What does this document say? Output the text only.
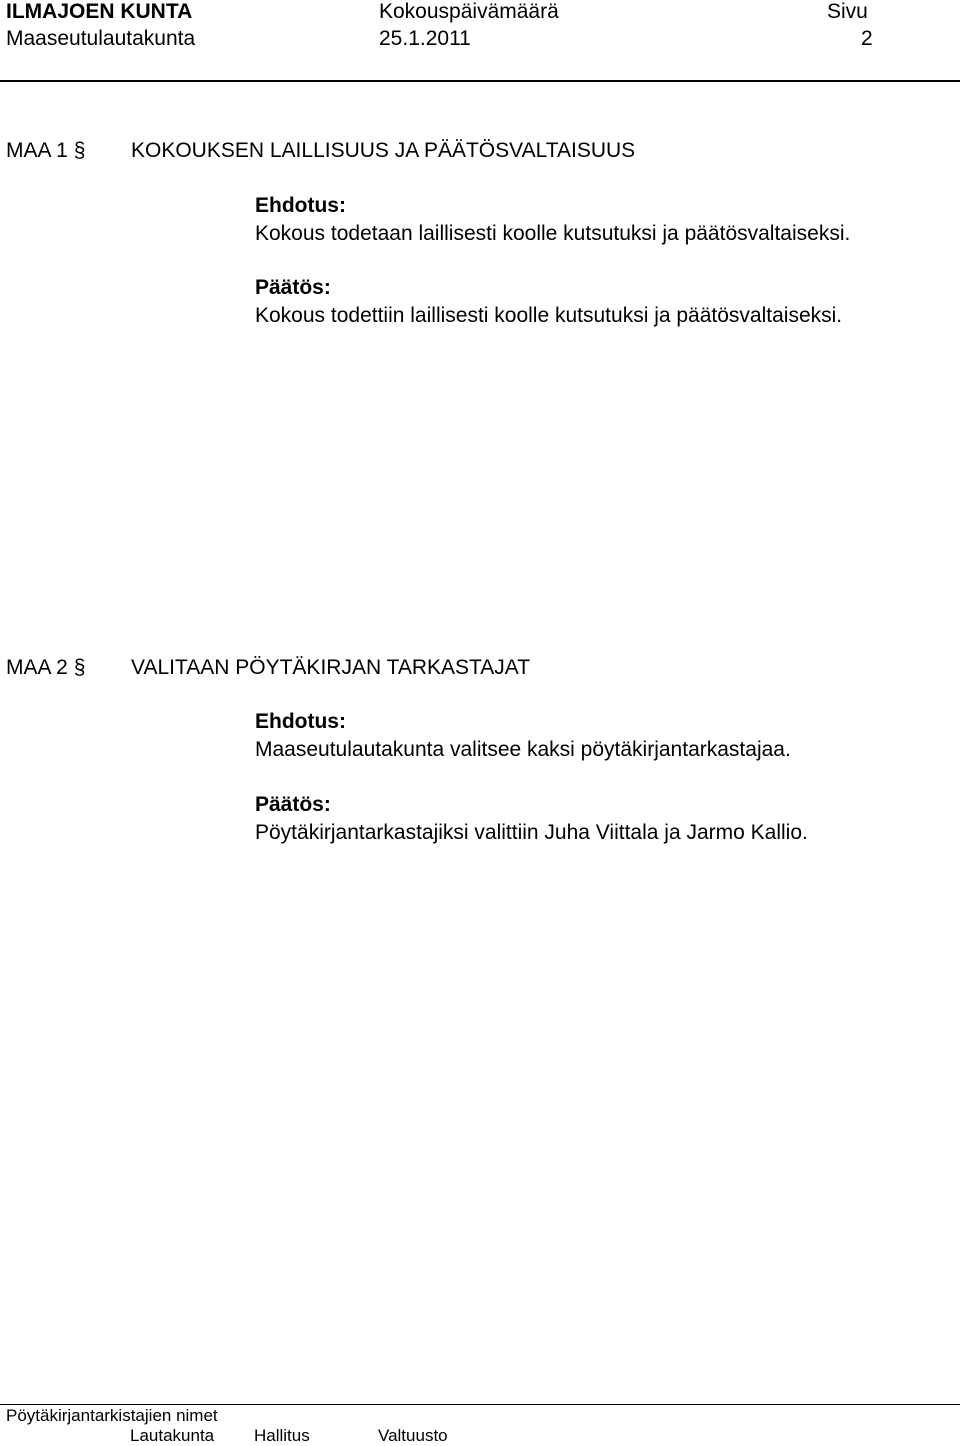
ILMAJOEN KUNTA
Maaseutulautakunta
Kokouspäivämäärä
25.1.2011
Sivu
2
MAA 1 § KOKOUKSEN LAILLISUUS JA PÄÄTÖSVALTAISUUS
Ehdotus:
Kokous todetaan laillisesti koolle kutsutuksi ja päätösvaltaiseksi.
Päätös:
Kokous todettiin laillisesti koolle kutsutuksi ja päätösvaltaiseksi.
MAA 2 § VALITAAN PÖYTÄKIRJAN TARKASTAJAT
Ehdotus:
Maaseutulautakunta valitsee kaksi pöytäkirjantarkastajaa.
Päätös:
Pöytäkirjantarkastajiksi valittiin Juha Viittala ja Jarmo Kallio.
Pöytäkirjantarkistajien nimet
Lautakunta Hallitus	Valtuusto
